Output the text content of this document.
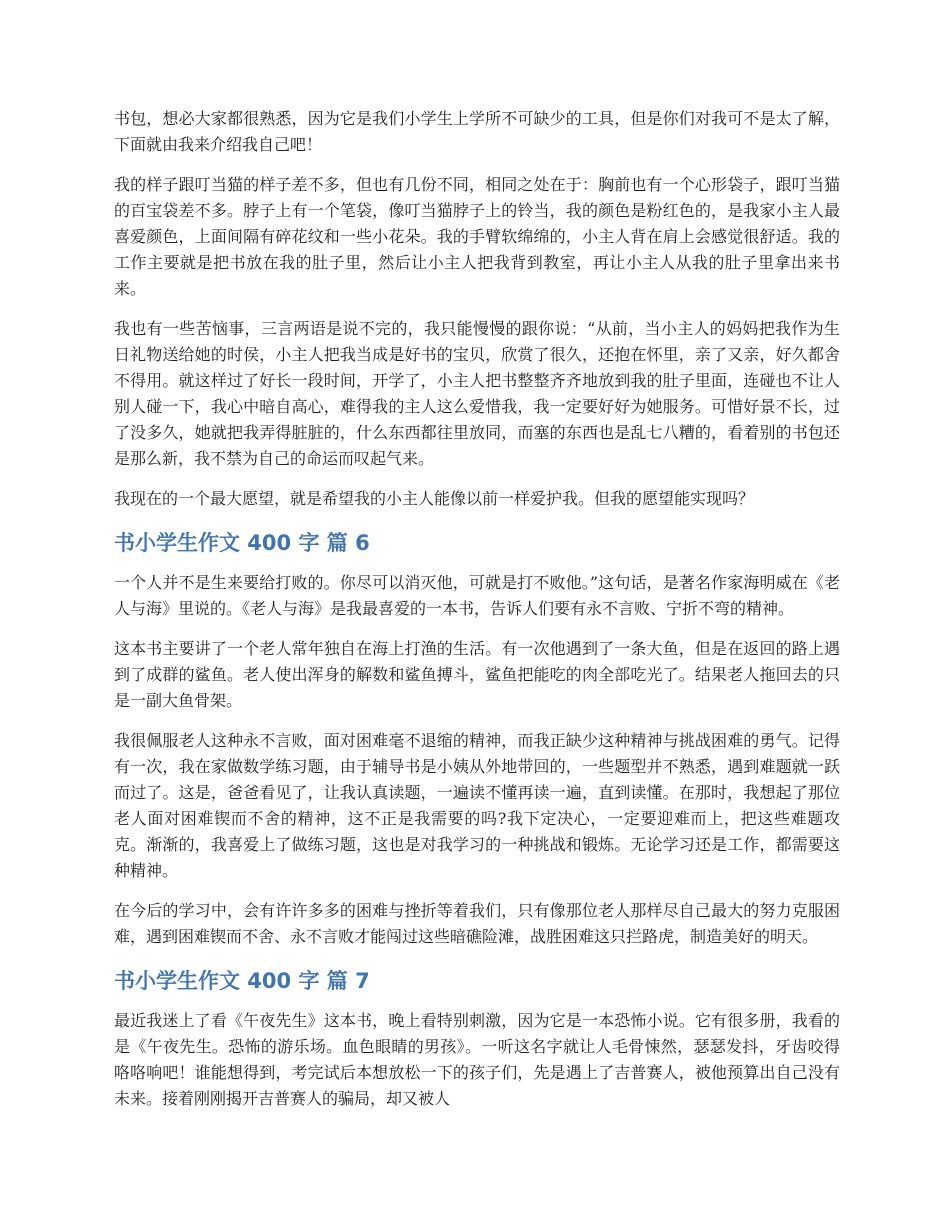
书包，想必大家都很熟悉，因为它是我们小学生上学所不可缺少的工具，但是你们对我可不是太了解，下面就由我来介绍我自己吧！

我的样子跟叮当猫的样子差不多，但也有几份不同，相同之处在于：胸前也有一个心形袋子，跟叮当猫的百宝袋差不多。脖子上有一个笔袋，像叮当猫脖子上的铃当，我的颜色是粉红色的，是我家小主人最喜爱颜色，上面间隔有碎花纹和一些小花朵。我的手臂软绵绵的，小主人背在肩上会感觉很舒适。我的工作主要就是把书放在我的肚子里，然后让小主人把我背到教室，再让小主人从我的肚子里拿出来书来。

我也有一些苦恼事，三言两语是说不完的，我只能慢慢的跟你说：“从前，当小主人的妈妈把我作为生日礼物送给她的时侯，小主人把我当成是好书的宝贝，欣赏了很久，还抱在怀里，亲了又亲，好久都舍不得用。就这样过了好长一段时间，开学了，小主人把书整整齐齐地放到我的肚子里面，连碰也不让人别人碰一下，我心中暗自高心，难得我的主人这么爱惜我，我一定要好好为她服务。可惜好景不长，过了没多久，她就把我弄得脏脏的，什么东西都往里放同，而塞的东西也是乱七八糟的，看着别的书包还是那么新，我不禁为自己的命运而叹起气来。

我现在的一个最大愿望，就是希望我的小主人能像以前一样爱护我。但我的愿望能实现吗？

书小学生作文 400 字 篇 6

一个人并不是生来要给打败的。你尽可以消灭他，可就是打不败他。”这句话，是著名作家海明威在《老人与海》里说的。《老人与海》是我最喜爱的一本书，告诉人们要有永不言败、宁折不弯的精神。

这本书主要讲了一个老人常年独自在海上打渔的生活。有一次他遇到了一条大鱼，但是在返回的路上遇到了成群的鲨鱼。老人使出浑身的解数和鲨鱼搏斗，鲨鱼把能吃的肉全部吃光了。结果老人拖回去的只是一副大鱼骨架。

我很佩服老人这种永不言败，面对困难毫不退缩的精神，而我正缺少这种精神与挑战困难的勇气。记得有一次，我在家做数学练习题，由于辅导书是小姨从外地带回的，一些题型并不熟悉，遇到难题就一跃而过了。这是，爸爸看见了，让我认真读题，一遍读不懂再读一遍，直到读懂。在那时，我想起了那位老人面对困难锲而不舍的精神，这不正是我需要的吗?我下定决心，一定要迎难而上，把这些难题攻克。渐渐的，我喜爱上了做练习题，这也是对我学习的一种挑战和锻炼。无论学习还是工作，都需要这种精神。

在今后的学习中，会有许许多多的困难与挫折等着我们，只有像那位老人那样尽自己最大的努力克服困难，遇到困难锲而不舍、永不言败才能闯过这些暗礁险滩，战胜困难这只拦路虎，制造美好的明天。

书小学生作文 400 字 篇 7

最近我迷上了看《午夜先生》这本书，晚上看特别刺激，因为它是一本恐怖小说。它有很多册，我看的是《午夜先生。恐怖的游乐场。血色眼睛的男孩》。一听这名字就让人毛骨悚然，瑟瑟发抖，牙齿咬得咯咯响吧！谁能想得到，考完试后本想放松一下的孩子们，先是遇上了吉普赛人，被他预算出自己没有未来。接着刚刚揭开吉普赛人的骗局，却又被人
